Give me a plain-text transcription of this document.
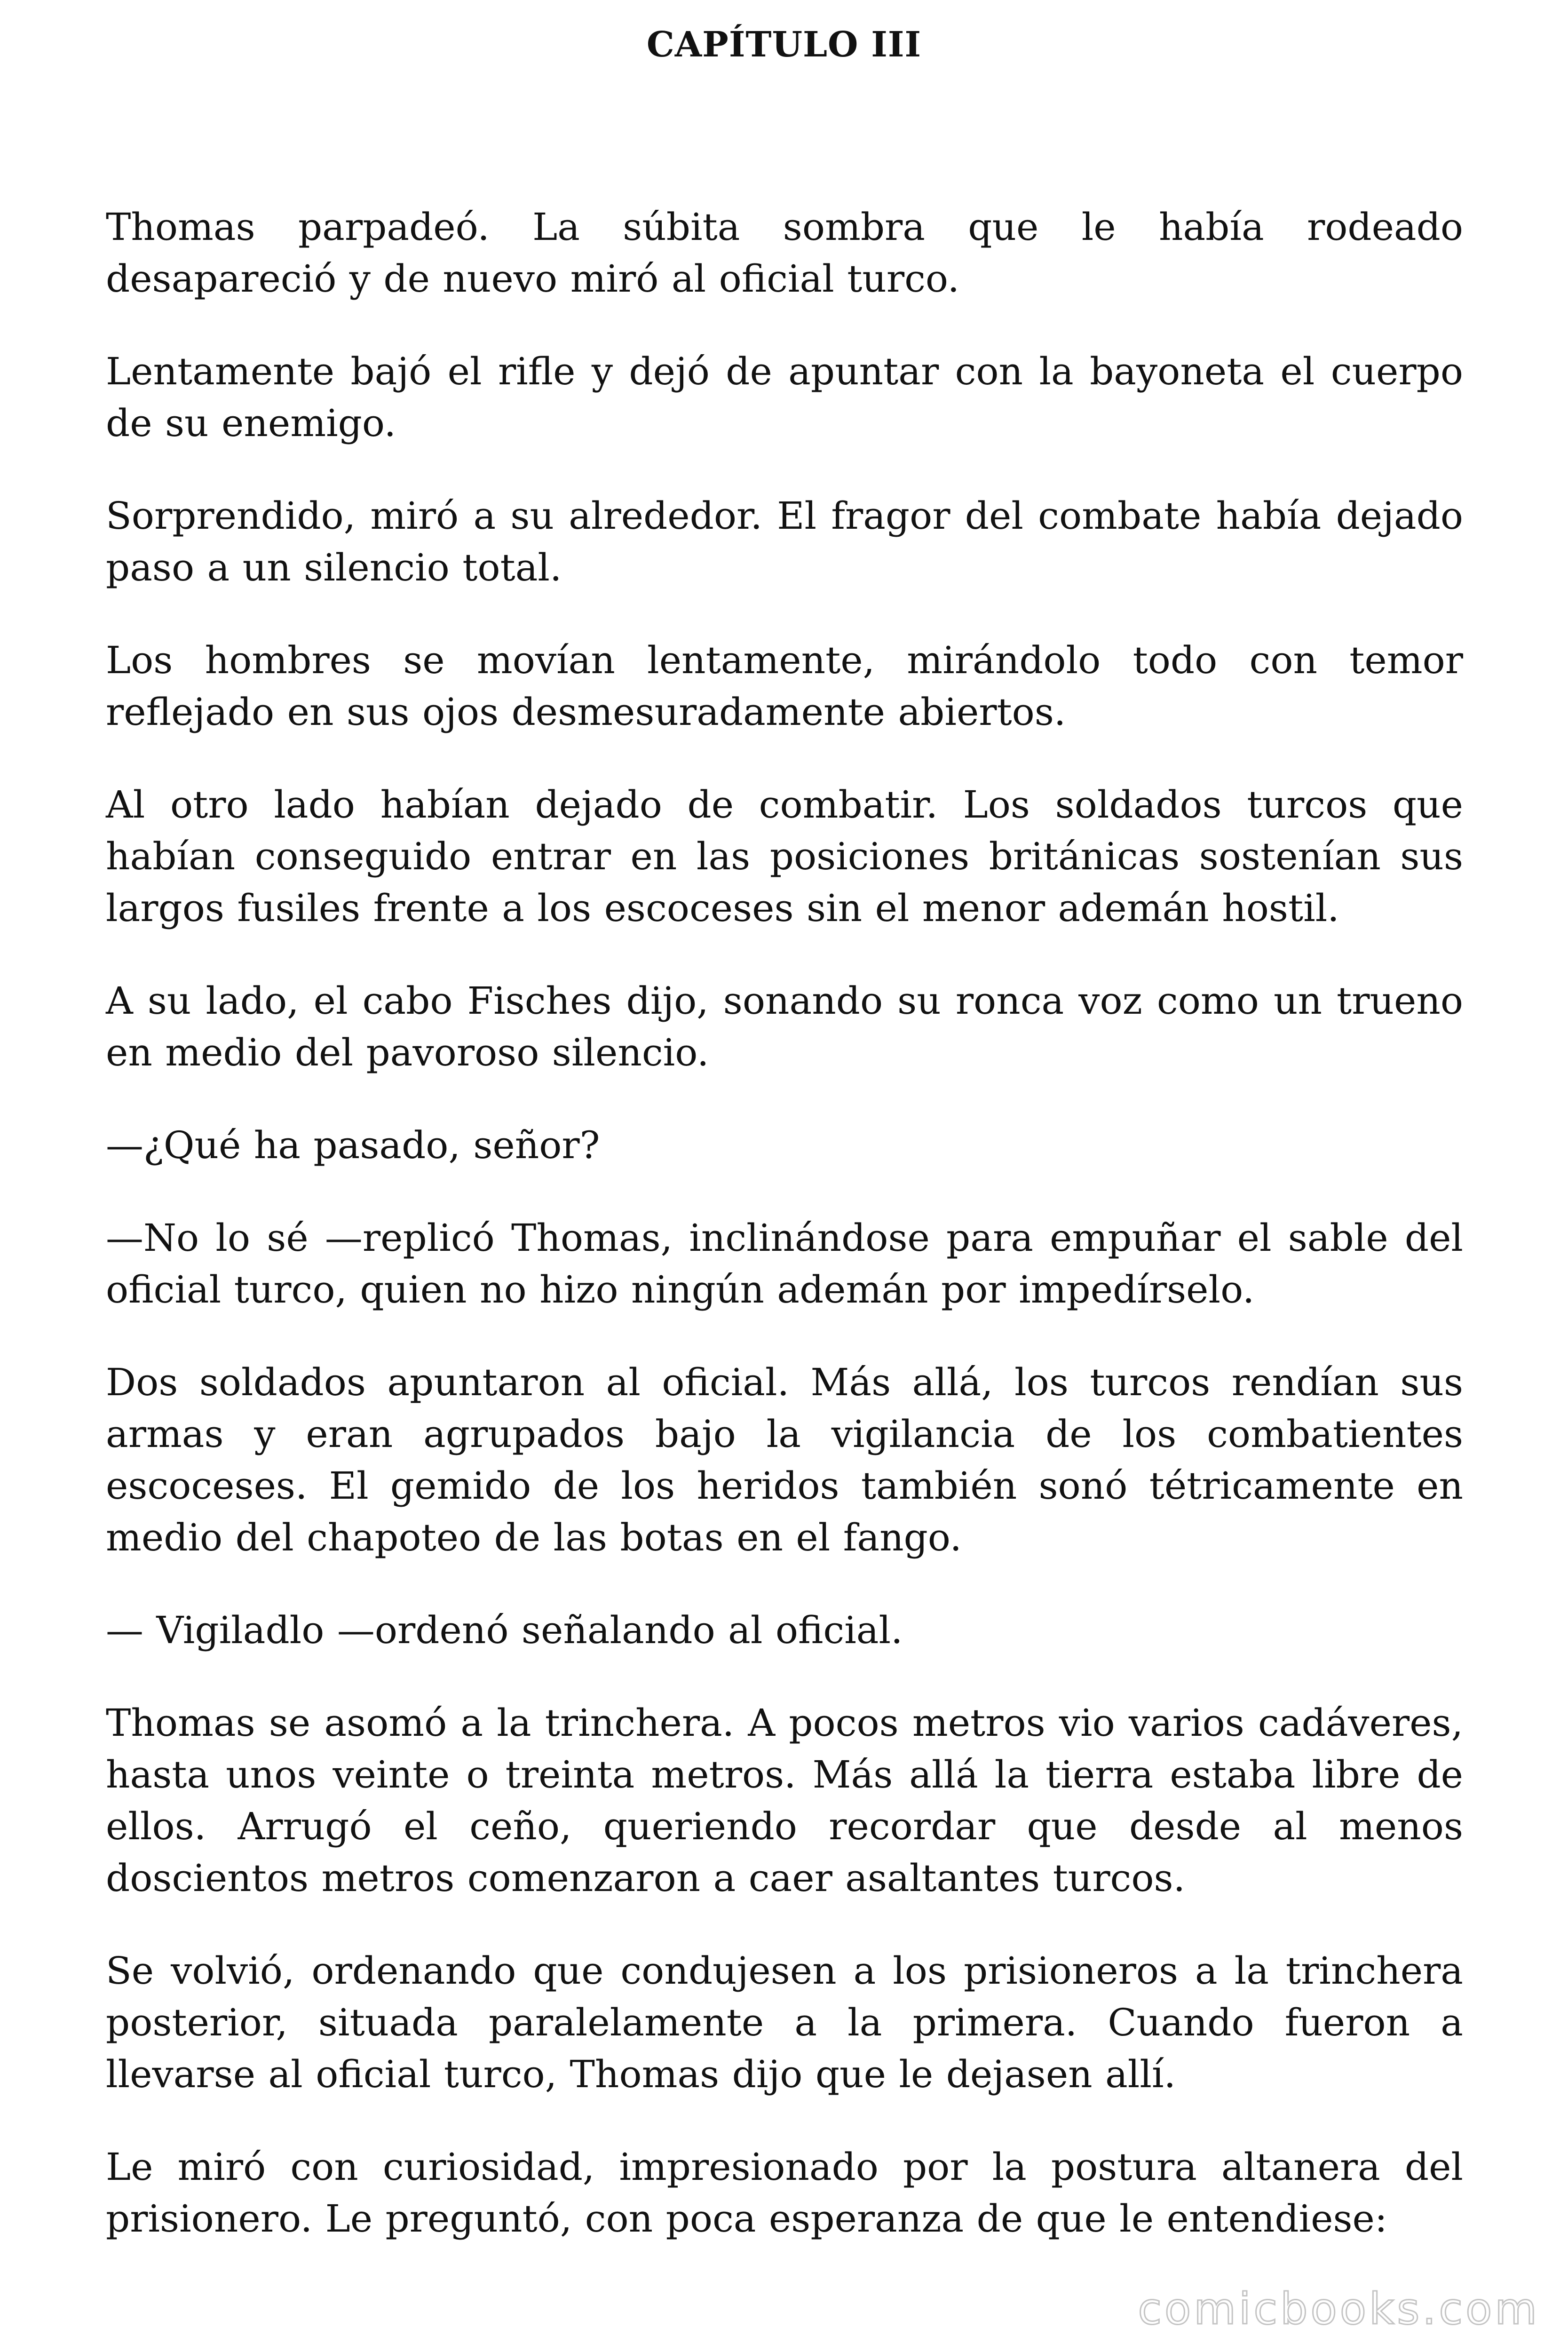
CAPÍTULO III

Thomas parpadeó. La súbita sombra que le había rodeado desapareció y de nuevo miró al oficial turco.

Lentamente bajó el rifle y dejó de apuntar con la bayoneta el cuerpo de su enemigo.

Sorprendido, miró a su alrededor. El fragor del combate había dejado paso a un silencio total.

Los hombres se movían lentamente, mirándolo todo con temor reflejado en sus ojos desmesuradamente abiertos.

Al otro lado habían dejado de combatir. Los soldados turcos que habían conseguido entrar en las posiciones británicas sostenían sus largos fusiles frente a los escoceses sin el menor ademán hostil.

A su lado, el cabo Fisches dijo, sonando su ronca voz como un trueno en medio del pavoroso silencio.

—¿Qué ha pasado, señor?

—No lo sé —replicó Thomas, inclinándose para empuñar el sable del oficial turco, quien no hizo ningún ademán por impedírselo.

Dos soldados apuntaron al oficial. Más allá, los turcos rendían sus armas y eran agrupados bajo la vigilancia de los combatientes escoceses. El gemido de los heridos también sonó tétricamente en medio del chapoteo de las botas en el fango.

— Vigiladlo —ordenó señalando al oficial.

Thomas se asomó a la trinchera. A pocos metros vio varios cadáveres, hasta unos veinte o treinta metros. Más allá la tierra estaba libre de ellos. Arrugó el ceño, queriendo recordar que desde al menos doscientos metros comenzaron a caer asaltantes turcos.

Se volvió, ordenando que condujesen a los prisioneros a la trinchera posterior, situada paralelamente a la primera. Cuando fueron a llevarse al oficial turco, Thomas dijo que le dejasen allí.

Le miró con curiosidad, impresionado por la postura altanera del prisionero. Le preguntó, con poca esperanza de que le entendiese:

comicbooks.com
